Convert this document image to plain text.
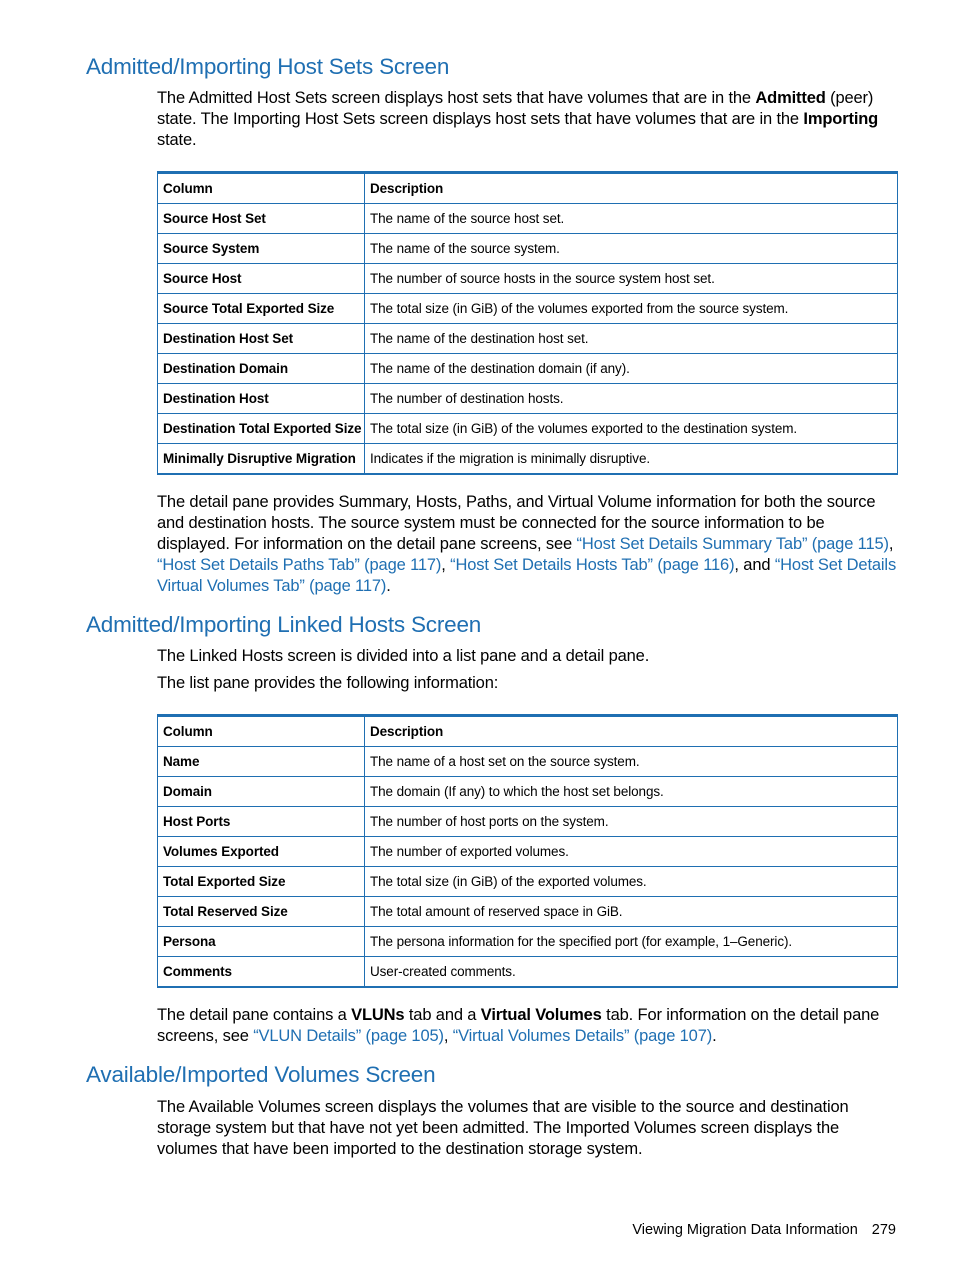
Admitted/Importing Host Sets Screen

The Admitted Host Sets screen displays host sets that have volumes that are in the Admitted (peer) state. The Importing Host Sets screen displays host sets that have volumes that are in the Importing state.

Column	Description
Source Host Set	The name of the source host set.
Source System	The name of the source system.
Source Host	The number of source hosts in the source system host set.
Source Total Exported Size	The total size (in GiB) of the volumes exported from the source system.
Destination Host Set	The name of the destination host set.
Destination Domain	The name of the destination domain (if any).
Destination Host	The number of destination hosts.
Destination Total Exported Size	The total size (in GiB) of the volumes exported to the destination system.
Minimally Disruptive Migration	Indicates if the migration is minimally disruptive.

The detail pane provides Summary, Hosts, Paths, and Virtual Volume information for both the source and destination hosts. The source system must be connected for the source information to be displayed. For information on the detail pane screens, see “Host Set Details Summary Tab” (page 115), “Host Set Details Paths Tab” (page 117), “Host Set Details Hosts Tab” (page 116), and “Host Set Details Virtual Volumes Tab” (page 117).

Admitted/Importing Linked Hosts Screen

The Linked Hosts screen is divided into a list pane and a detail pane.

The list pane provides the following information:

Column	Description
Name	The name of a host set on the source system.
Domain	The domain (If any) to which the host set belongs.
Host Ports	The number of host ports on the system.
Volumes Exported	The number of exported volumes.
Total Exported Size	The total size (in GiB) of the exported volumes.
Total Reserved Size	The total amount of reserved space in GiB.
Persona	The persona information for the specified port (for example, 1–Generic).
Comments	User-created comments.

The detail pane contains a VLUNs tab and a Virtual Volumes tab. For information on the detail pane screens, see “VLUN Details” (page 105), “Virtual Volumes Details” (page 107).

Available/Imported Volumes Screen

The Available Volumes screen displays the volumes that are visible to the source and destination storage system but that have not yet been admitted. The Imported Volumes screen displays the volumes that have been imported to the destination storage system.

Viewing Migration Data Information 279
